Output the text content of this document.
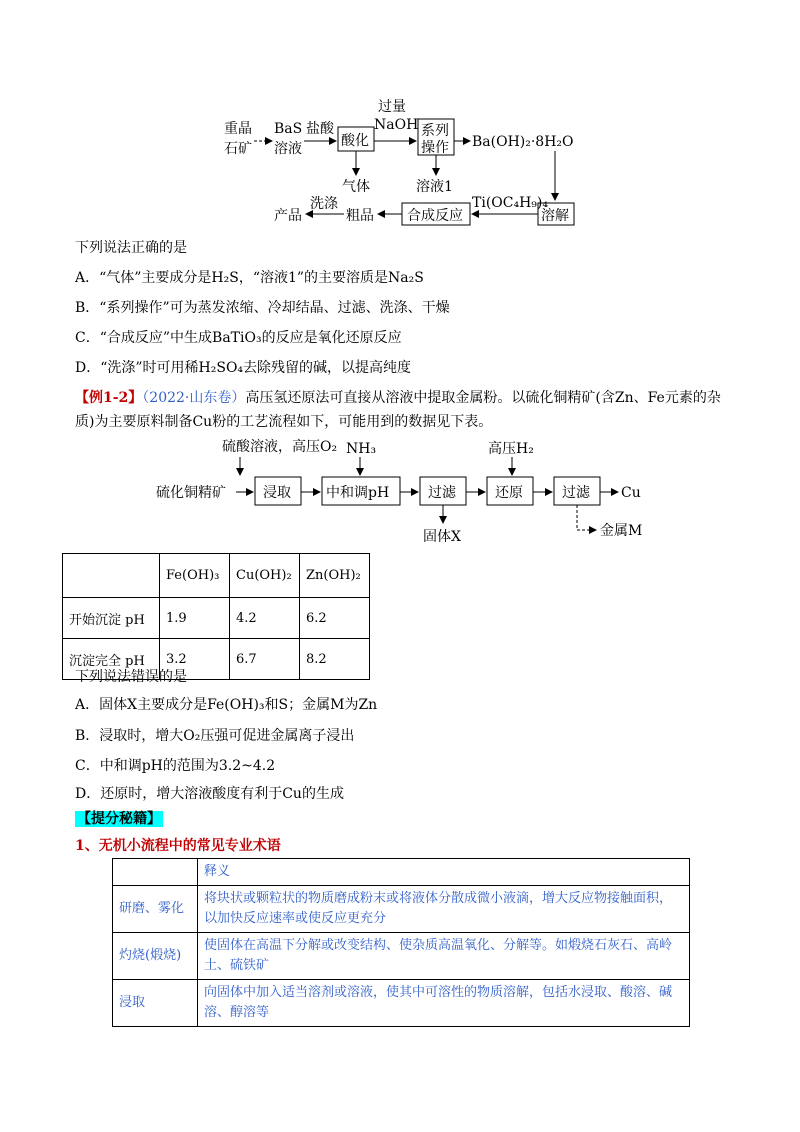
重晶
石矿
BaS
溶液
盐酸
酸化
过量
NaOH 系列
操作 Ba(OH)₂·8H₂O
气体	溶液1
溶解
Ti(OC₄H₉)₄
合成反应
粗品
洗涤
产品
下列说法正确的是
A．“气体”主要成分是H₂S，“溶液1”的主要溶质是Na₂S
B．“系列操作”可为蒸发浓缩、冷却结晶、过滤、洗涤、干燥
C．“合成反应”中生成BaTiO₃的反应是氧化还原反应
D．“洗涤”时可用稀H₂SO₄去除残留的碱，以提高纯度
【例1-2】（2022·山东卷）高压氢还原法可直接从溶液中提取金属粉。以硫化铜精矿(含Zn、Fe元素的杂
质)为主要原料制备Cu粉的工艺流程如下，可能用到的数据见下表。
硫酸溶液，高压O₂ NH₃	高压H₂
硫化铜精矿	浸取	中和调pH	过滤	还原	过滤 Cu
固体X	金属M
	Fe(OH)₃	Cu(OH)₂	Zn(OH)₂
开始沉淀 pH	1.9	4.2	6.2
沉淀完全 pH	3.2	6.7	8.2
下列说法错误的是
A．固体X主要成分是Fe(OH)₃和S；金属M为Zn
B．浸取时，增大O₂压强可促进金属离子浸出
C．中和调pH的范围为3.2~4.2
D．还原时，增大溶液酸度有利于Cu的生成
【提分秘籍】
1、无机小流程中的常见专业术语
	释义
研磨、雾化	将块状或颗粒状的物质磨成粉末或将液体分散成微小液滴，增大反应物接触面积，以加快反应速率或使反应更充分
灼烧(煅烧)	使固体在高温下分解或改变结构、使杂质高温氧化、分解等。如煅烧石灰石、高岭土、硫铁矿
浸取	向固体中加入适当溶剂或溶液，使其中可溶性的物质溶解，包括水浸取、酸溶、碱溶、醇溶等
